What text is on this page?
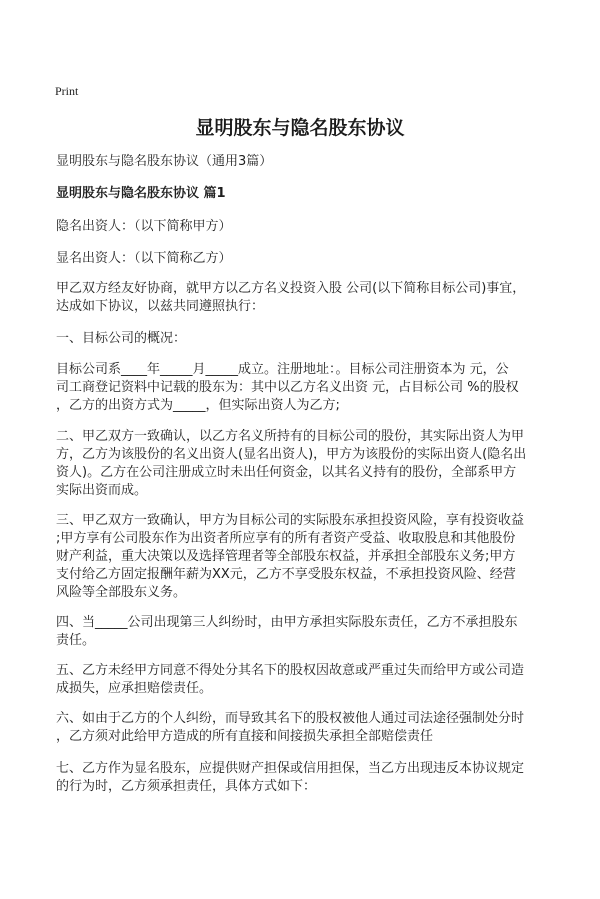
Print
显明股东与隐名股东协议
显明股东与隐名股东协议（通用3篇）
显明股东与隐名股东协议 篇1
隐名出资人：（以下简称甲方）
显名出资人：（以下简称乙方）
甲乙双方经友好协商，就甲方以乙方名义投资入股 公司(以下简称目标公司)事宜，
达成如下协议，以兹共同遵照执行：
一、目标公司的概况：
目标公司系____年_____月_____成立。注册地址：。目标公司注册资本为 元，公
司工商登记资料中记载的股东为：其中以乙方名义出资 元，占目标公司 %的股权
，乙方的出资方式为_____，但实际出资人为乙方;
二、甲乙双方一致确认，以乙方名义所持有的目标公司的股份，其实际出资人为甲
方，乙方为该股份的名义出资人(显名出资人)，甲方为该股份的实际出资人(隐名出
资人)。乙方在公司注册成立时未出任何资金，以其名义持有的股份，全部系甲方
实际出资而成。
三、甲乙双方一致确认，甲方为目标公司的实际股东承担投资风险，享有投资收益
;甲方享有公司股东作为出资者所应享有的所有者资产受益、收取股息和其他股份
财产利益，重大决策以及选择管理者等全部股东权益，并承担全部股东义务;甲方
支付给乙方固定报酬年薪为XX元，乙方不享受股东权益，不承担投资风险、经营
风险等全部股东义务。
四、当_____公司出现第三人纠纷时，由甲方承担实际股东责任，乙方不承担股东
责任。
五、乙方未经甲方同意不得处分其名下的股权因故意或严重过失而给甲方或公司造
成损失，应承担赔偿责任。
六、如由于乙方的个人纠纷，而导致其名下的股权被他人通过司法途径强制处分时
，乙方须对此给甲方造成的所有直接和间接损失承担全部赔偿责任
七、乙方作为显名股东，应提供财产担保或信用担保，当乙方出现违反本协议规定
的行为时，乙方须承担责任，具体方式如下：
